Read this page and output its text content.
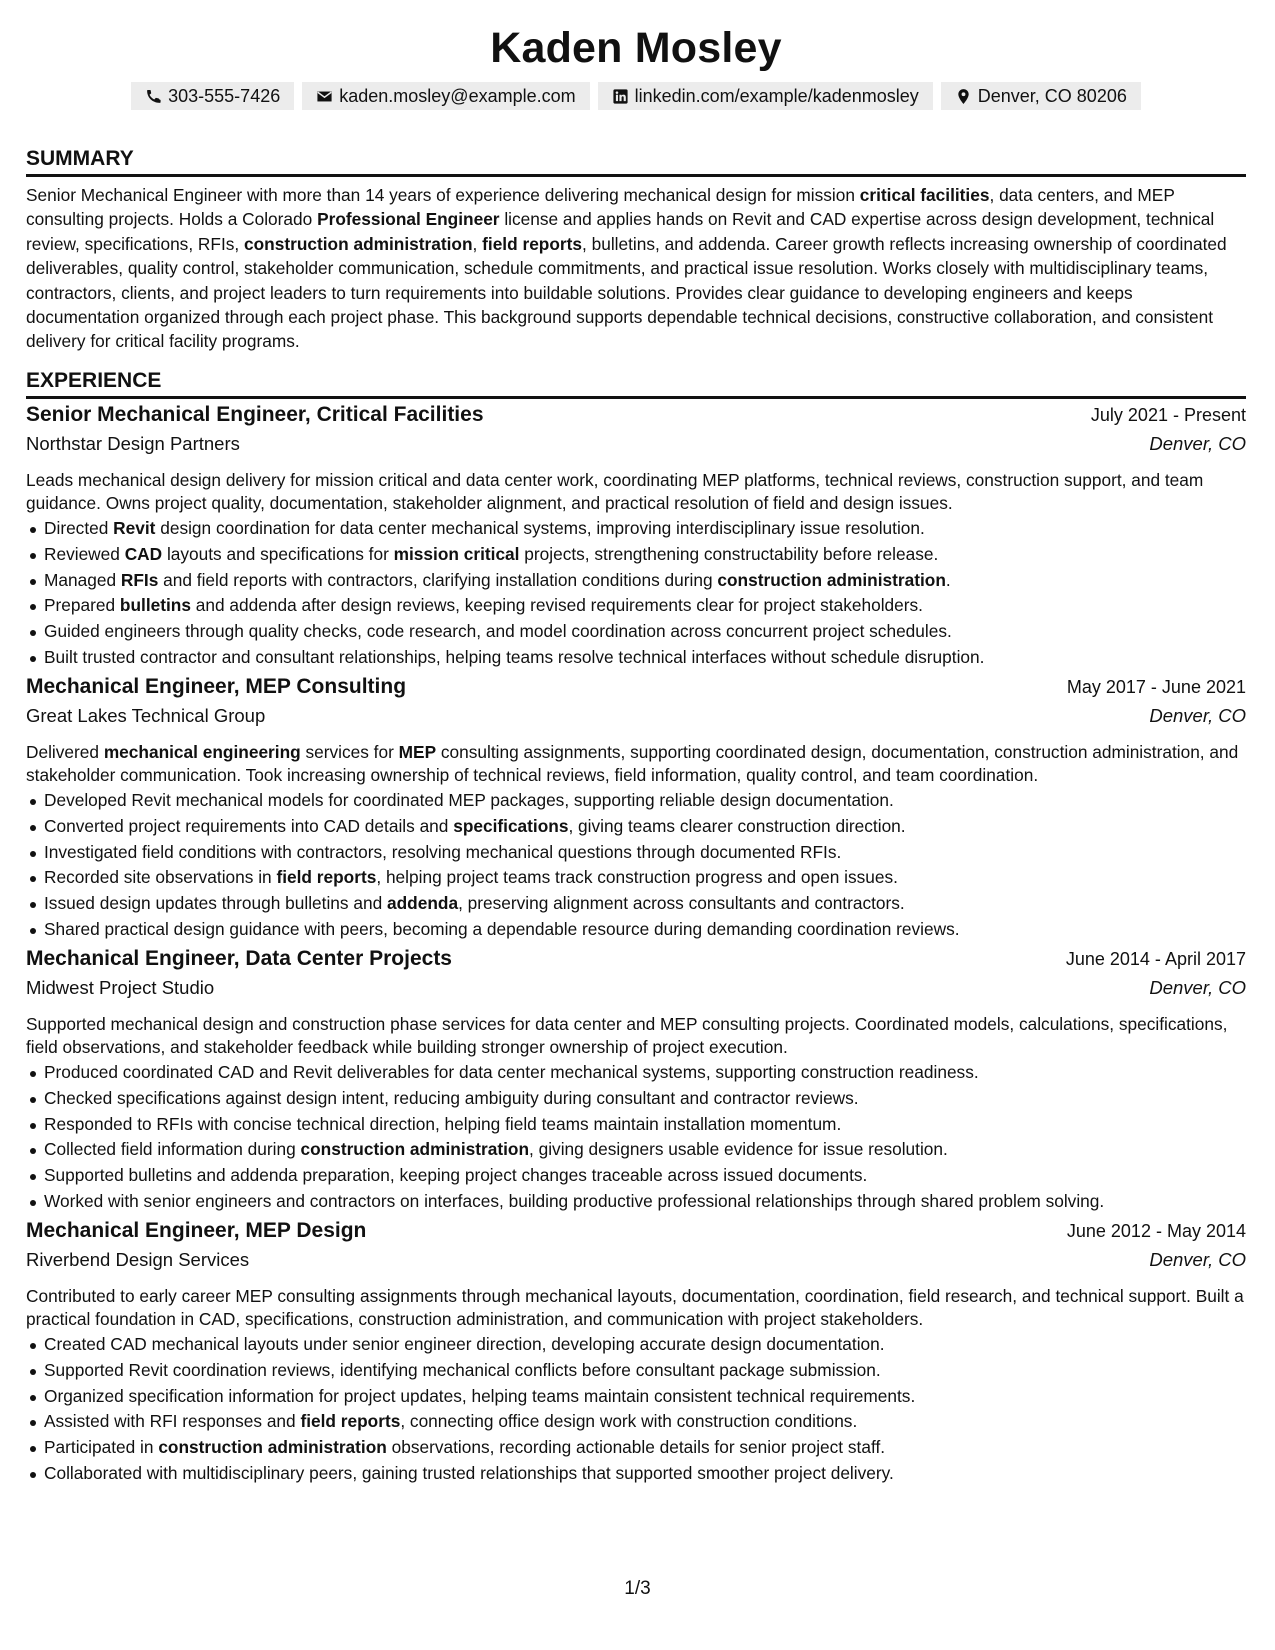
Kaden Mosley
303-555-7426	kaden.mosley@example.com	linkedin.com/example/kadenmosley	Denver, CO 80206
SUMMARY

Senior Mechanical Engineer with more than 14 years of experience delivering mechanical design for mission critical facilities, data centers, and MEP consulting projects. Holds a Colorado Professional Engineer license and applies hands on Revit and CAD expertise across design development, technical review, specifications, RFIs, construction administration, field reports, bulletins, and addenda. Career growth reflects increasing ownership of coordinated deliverables, quality control, stakeholder communication, schedule commitments, and practical issue resolution. Works closely with multidisciplinary teams, contractors, clients, and project leaders to turn requirements into buildable solutions. Provides clear guidance to developing engineers and keeps documentation organized through each project phase. This background supports dependable technical decisions, constructive collaboration, and consistent delivery for critical facility programs.

EXPERIENCE
Senior Mechanical Engineer, Critical Facilities	July 2021 - Present
Northstar Design Partners	Denver, CO

Leads mechanical design delivery for mission critical and data center work, coordinating MEP platforms, technical reviews, construction support, and team guidance. Owns project quality, documentation, stakeholder alignment, and practical resolution of field and design issues.

Directed Revit design coordination for data center mechanical systems, improving interdisciplinary issue resolution.
Reviewed CAD layouts and specifications for mission critical projects, strengthening constructability before release.
Managed RFIs and field reports with contractors, clarifying installation conditions during construction administration.
Prepared bulletins and addenda after design reviews, keeping revised requirements clear for project stakeholders.
Guided engineers through quality checks, code research, and model coordination across concurrent project schedules.
Built trusted contractor and consultant relationships, helping teams resolve technical interfaces without schedule disruption.
Mechanical Engineer, MEP Consulting	May 2017 - June 2021
Great Lakes Technical Group	Denver, CO

Delivered mechanical engineering services for MEP consulting assignments, supporting coordinated design, documentation, construction administration, and stakeholder communication. Took increasing ownership of technical reviews, field information, quality control, and team coordination.

Developed Revit mechanical models for coordinated MEP packages, supporting reliable design documentation.
Converted project requirements into CAD details and specifications, giving teams clearer construction direction.
Investigated field conditions with contractors, resolving mechanical questions through documented RFIs.
Recorded site observations in field reports, helping project teams track construction progress and open issues.
Issued design updates through bulletins and addenda, preserving alignment across consultants and contractors.
Shared practical design guidance with peers, becoming a dependable resource during demanding coordination reviews.
Mechanical Engineer, Data Center Projects	June 2014 - April 2017
Midwest Project Studio	Denver, CO

Supported mechanical design and construction phase services for data center and MEP consulting projects. Coordinated models, calculations, specifications, field observations, and stakeholder feedback while building stronger ownership of project execution.

Produced coordinated CAD and Revit deliverables for data center mechanical systems, supporting construction readiness.
Checked specifications against design intent, reducing ambiguity during consultant and contractor reviews.
Responded to RFIs with concise technical direction, helping field teams maintain installation momentum.
Collected field information during construction administration, giving designers usable evidence for issue resolution.
Supported bulletins and addenda preparation, keeping project changes traceable across issued documents.
Worked with senior engineers and contractors on interfaces, building productive professional relationships through shared problem solving.
Mechanical Engineer, MEP Design	June 2012 - May 2014
Riverbend Design Services	Denver, CO

Contributed to early career MEP consulting assignments through mechanical layouts, documentation, coordination, field research, and technical support. Built a practical foundation in CAD, specifications, construction administration, and communication with project stakeholders.

Created CAD mechanical layouts under senior engineer direction, developing accurate design documentation.
Supported Revit coordination reviews, identifying mechanical conflicts before consultant package submission.
Organized specification information for project updates, helping teams maintain consistent technical requirements.
Assisted with RFI responses and field reports, connecting office design work with construction conditions.
Participated in construction administration observations, recording actionable details for senior project staff.
Collaborated with multidisciplinary peers, gaining trusted relationships that supported smoother project delivery.
1/3
